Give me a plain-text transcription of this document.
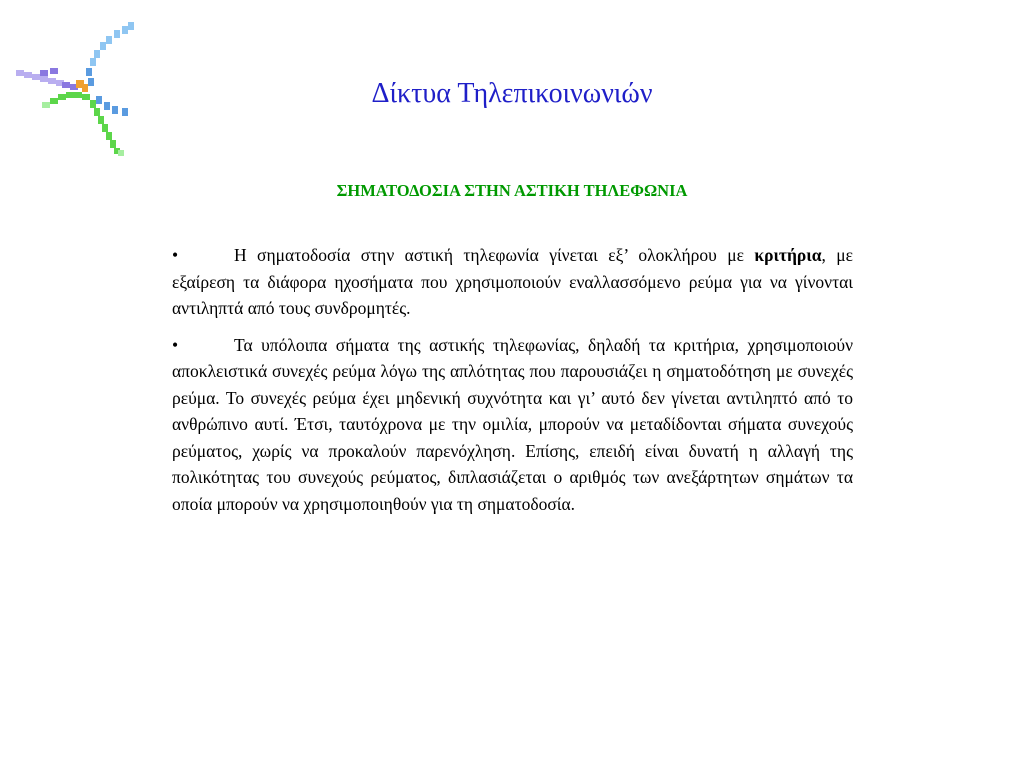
Δίκτυα Τηλεπικοινωνιών
ΣΗΜΑΤΟΔΟΣΙΑ ΣΤΗΝ ΑΣΤΙΚΗ ΤΗΛΕΦΩΝΙΑ

•	Η σηματοδοσία στην αστική τηλεφωνία γίνεται εξ’ ολοκλήρου με κριτήρια, με εξαίρεση τα διάφορα ηχοσήματα που χρησιμοποιούν εναλλασσόμενο ρεύμα για να γίνονται αντιληπτά από τους συνδρομητές.

•	Τα υπόλοιπα σήματα της αστικής τηλεφωνίας, δηλαδή τα κριτήρια, χρησιμοποιούν αποκλειστικά συνεχές ρεύμα λόγω της απλότητας που παρουσιάζει η σηματοδότηση με συνεχές ρεύμα. Το συνεχές ρεύμα έχει μηδενική συχνότητα και γι’ αυτό δεν γίνεται αντιληπτό από το ανθρώπινο αυτί. Έτσι, ταυτόχρονα με την ομιλία, μπορούν να μεταδίδονται σήματα συνεχούς ρεύματος, χωρίς να προκαλούν παρενόχληση. Επίσης, επειδή είναι δυνατή η αλλαγή της πολικότητας του συνεχούς ρεύματος, διπλασιάζεται ο αριθμός των ανεξάρτητων σημάτων τα οποία μπορούν να χρησιμοποιηθούν για τη σηματοδοσία.
